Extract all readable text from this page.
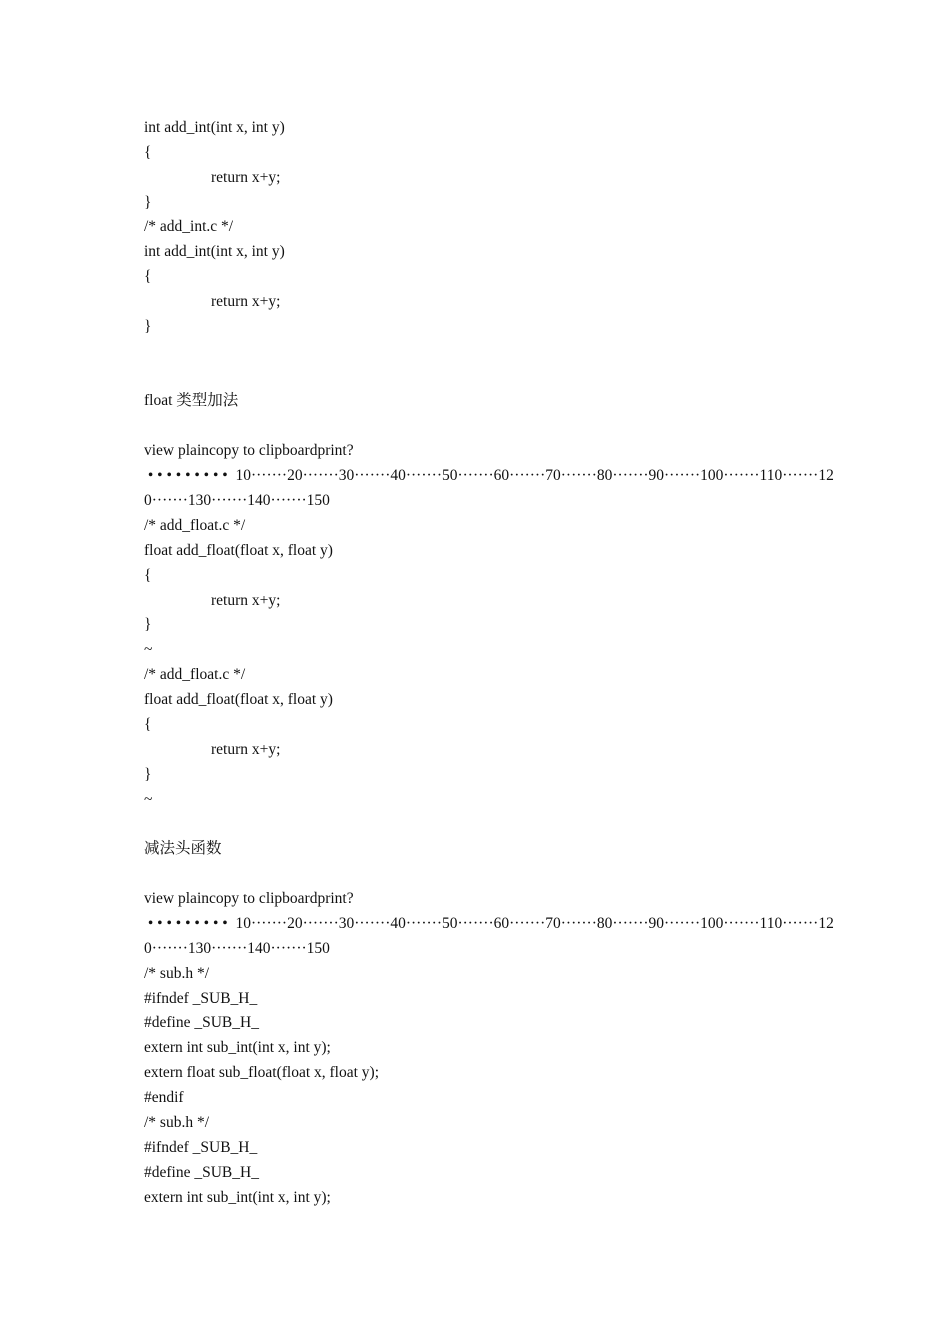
int add_int(int x, int y)
{
return x+y;
}
/* add_int.c */
int add_int(int x, int y)
{
return x+y;
}
float 类型加法
view plaincopy to clipboardprint?
• • • • • • • • •  10·······20·······30·······40·······50·······60·······70·······80·······90·······100·······110·······12
0·······130·······140·······150
/* add_float.c */
float add_float(float x, float y)
{
return x+y;
}
~
/* add_float.c */
float add_float(float x, float y)
{
return x+y;
}
~
减法头函数
view plaincopy to clipboardprint?
• • • • • • • • •  10·······20·······30·······40·······50·······60·······70·······80·······90·······100·······110·······12
0·······130·······140·······150
/* sub.h */
#ifndef _SUB_H_
#define _SUB_H_
extern int sub_int(int x, int y);
extern float sub_float(float x, float y);
#endif
/* sub.h */
#ifndef _SUB_H_
#define _SUB_H_
extern int sub_int(int x, int y);
